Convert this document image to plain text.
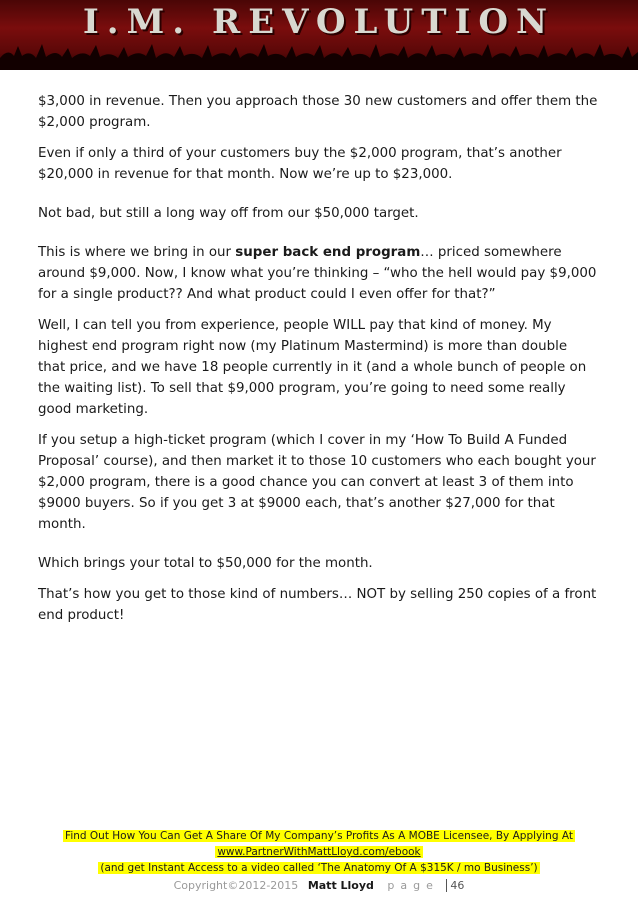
I.M. REVOLUTION

$3,000 in revenue. Then you approach those 30 new customers and offer them the $2,000 program.

Even if only a third of your customers buy the $2,000 program, that’s another $20,000 in revenue for that month. Now we’re up to $23,000.

Not bad, but still a long way off from our $50,000 target.

This is where we bring in our super back end program… priced somewhere around $9,000. Now, I know what you’re thinking – “who the hell would pay $9,000 for a single product?? And what product could I even offer for that?”

Well, I can tell you from experience, people WILL pay that kind of money. My highest end program right now (my Platinum Mastermind) is more than double that price, and we have 18 people currently in it (and a whole bunch of people on the waiting list). To sell that $9,000 program, you’re going to need some really good marketing.

If you setup a high-ticket program (which I cover in my ‘How To Build A Funded Proposal’ course), and then market it to those 10 customers who each bought your $2,000 program, there is a good chance you can convert at least 3 of them into $9000 buyers. So if you get 3 at $9000 each, that’s another $27,000 for that month.

Which brings your total to $50,000 for the month.

That’s how you get to those kind of numbers… NOT by selling 250 copies of a front end product!

Find Out How You Can Get A Share Of My Company’s Profits As A MOBE Licensee, By Applying At
www.PartnerWithMattLloyd.com/ebook
(and get Instant Access to a video called ‘The Anatomy Of A $315K / mo Business’)
Copyright©2012-2015 Matt Lloyd page 46
